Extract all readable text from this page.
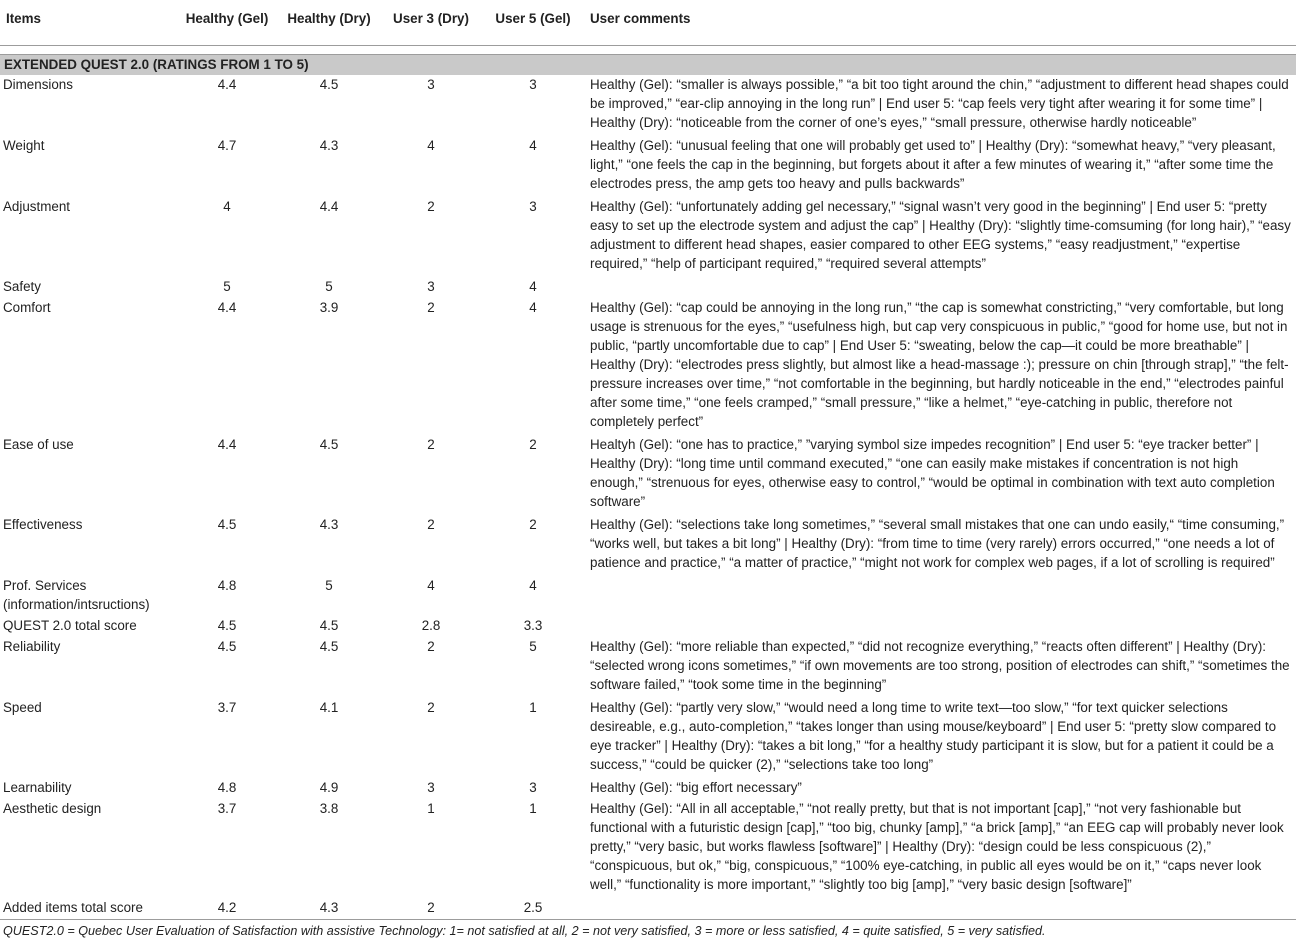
Items	Healthy (Gel)	Healthy (Dry)	User 3 (Dry)	User 5 (Gel)	User comments

EXTENDED QUEST 2.0 (RATINGS FROM 1 TO 5)					
Dimensions	4.4	4.5	3	3	Healthy (Gel): “smaller is always possible,” “a bit too tight around the chin,” “adjustment to different head shapes could be improved,” “ear-clip annoying in the long run” | End user 5: “cap feels very tight after wearing it for some time” | Healthy (Dry): “noticeable from the corner of one’s eyes,” “small pressure, otherwise hardly noticeable”
Weight	4.7	4.3	4	4	Healthy (Gel): “unusual feeling that one will probably get used to” | Healthy (Dry): “somewhat heavy,” “very pleasant, light,” “one feels the cap in the beginning, but forgets about it after a few minutes of wearing it,” “after some time the electrodes press, the amp gets too heavy and pulls backwards”
Adjustment	4	4.4	2	3	Healthy (Gel): “unfortunately adding gel necessary,” “signal wasn’t very good in the beginning” | End user 5: “pretty easy to set up the electrode system and adjust the cap” | Healthy (Dry): “slightly time-comsuming (for long hair),” “easy adjustment to different head shapes, easier compared to other EEG systems,” “easy readjustment,” “expertise required,” “help of participant required,” “required several attempts”
Safety	5	5	3	4	
Comfort	4.4	3.9	2	4	Healthy (Gel): “cap could be annoying in the long run,” “the cap is somewhat constricting,” “very comfortable, but long usage is strenuous for the eyes,” “usefulness high, but cap very conspicuous in public,” “good for home use, but not in public, “partly uncomfortable due to cap” | End User 5: “sweating, below the cap—it could be more breathable” | Healthy (Dry): “electrodes press slightly, but almost like a head-massage :); pressure on chin [through strap],” “the felt-pressure increases over time,” “not comfortable in the beginning, but hardly noticeable in the end,” “electrodes painful after some time,” “one feels cramped,” “small pressure,” “like a helmet,” “eye-catching in public, therefore not completely perfect”
Ease of use	4.4	4.5	2	2	Healtyh (Gel): “one has to practice,” ”varying symbol size impedes recognition” | End user 5: “eye tracker better” | Healthy (Dry): “long time until command executed,” “one can easily make mistakes if concentration is not high enough,” “strenuous for eyes, otherwise easy to control,” “would be optimal in combination with text auto completion software”
Effectiveness	4.5	4.3	2	2	Healthy (Gel): “selections take long sometimes,” “several small mistakes that one can undo easily,“ “time consuming,” “works well, but takes a bit long” | Healthy (Dry): “from time to time (very rarely) errors occurred,” “one needs a lot of patience and practice,” “a matter of practice,” “might not work for complex web pages, if a lot of scrolling is required”
Prof. Services (information/intsructions)	4.8	5	4	4	
QUEST 2.0 total score	4.5	4.5	2.8	3.3	
Reliability	4.5	4.5	2	5	Healthy (Gel): “more reliable than expected,” “did not recognize everything,” “reacts often different” | Healthy (Dry): “selected wrong icons sometimes,” “if own movements are too strong, position of electrodes can shift,” “sometimes the software failed,” “took some time in the beginning”
Speed	3.7	4.1	2	1	Healthy (Gel): “partly very slow,” “would need a long time to write text—too slow,” “for text quicker selections desireable, e.g., auto-completion,” “takes longer than using mouse/keyboard” | End user 5: “pretty slow compared to eye tracker” | Healthy (Dry): “takes a bit long,” “for a healthy study participant it is slow, but for a patient it could be a success,” “could be quicker (2),” “selections take too long”
Learnability	4.8	4.9	3	3	Healthy (Gel): “big effort necessary”
Aesthetic design	3.7	3.8	1	1	Healthy (Gel): “All in all acceptable,” “not really pretty, but that is not important [cap],” “not very fashionable but functional with a futuristic design [cap],” “too big, chunky [amp],” “a brick [amp],” “an EEG cap will probably never look pretty,” “very basic, but works flawless [software]” | Healthy (Dry): “design could be less conspicuous (2),” “conspicuous, but ok,” “big, conspicuous,” “100% eye-catching, in public all eyes would be on it,” “caps never look well,” “functionality is more important,” “slightly too big [amp],” “very basic design [software]”
Added items total score	4.2	4.3	2	2.5	
QUEST2.0 = Quebec User Evaluation of Satisfaction with assistive Technology: 1= not satisfied at all, 2 = not very satisfied, 3 = more or less satisfied, 4 = quite satisfied, 5 = very satisfied.
